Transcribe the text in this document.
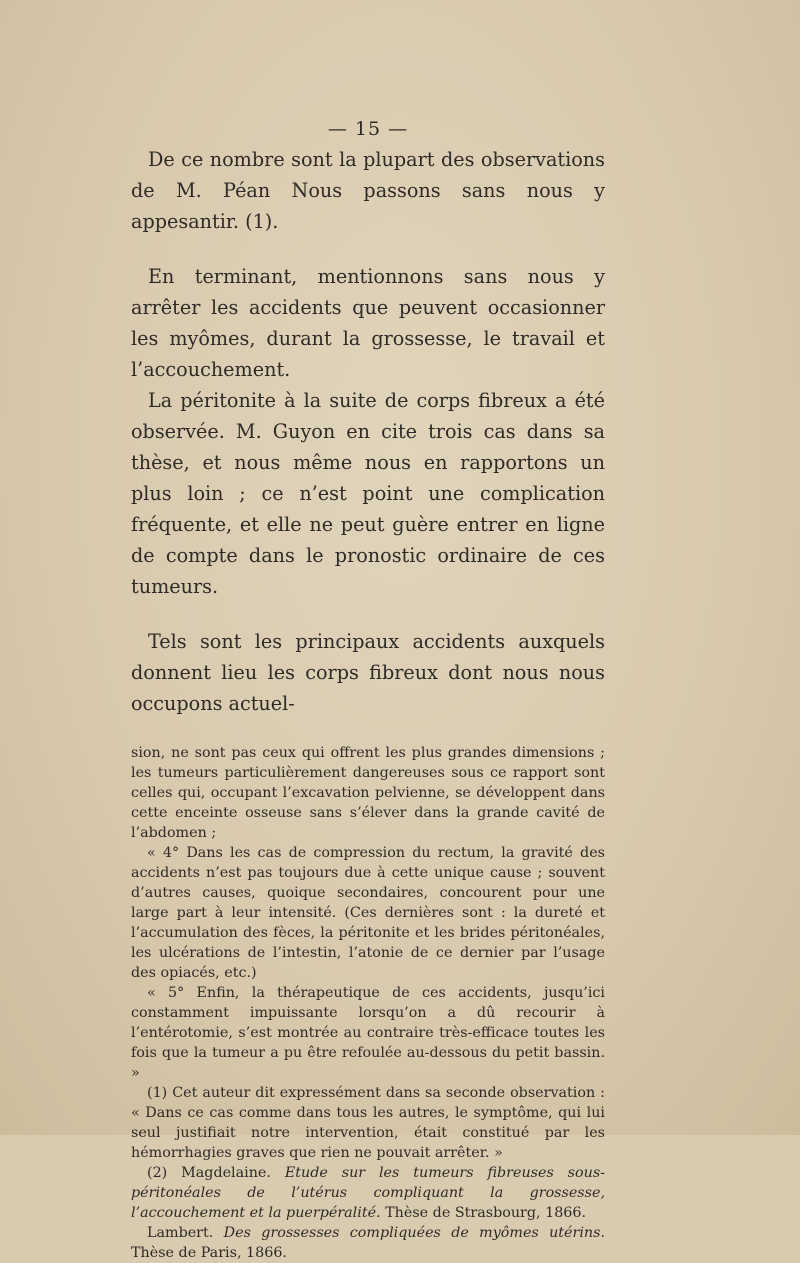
— 15 —

De ce nombre sont la plupart des observations de M. Péan Nous passons sans nous y appesantir. (1).

En terminant, mentionnons sans nous y arrêter les accidents que peuvent occasionner les myômes, durant la grossesse, le travail et l’accouchement.

La péritonite à la suite de corps fibreux a été observée. M. Guyon en cite trois cas dans sa thèse, et nous même nous en rapportons un plus loin ; ce n’est point une complication fréquente, et elle ne peut guère entrer en ligne de compte dans le pronostic ordinaire de ces tumeurs.

Tels sont les principaux accidents auxquels donnent lieu les corps fibreux dont nous nous occupons actuel-

sion, ne sont pas ceux qui offrent les plus grandes dimensions ; les tumeurs particulièrement dangereuses sous ce rapport sont celles qui, occupant l’excavation pelvienne, se développent dans cette enceinte osseuse sans s’élever dans la grande cavité de l’abdomen ;

« 4° Dans les cas de compression du rectum, la gravité des accidents n’est pas toujours due à cette unique cause ; souvent d’autres causes, quoique secondaires, concourent pour une large part à leur intensité. (Ces dernières sont : la dureté et l’accumulation des fèces, la péritonite et les brides péritonéales, les ulcérations de l’intestin, l’atonie de ce dernier par l’usage des opiacés, etc.)

« 5° Enfin, la thérapeutique de ces accidents, jusqu’ici constamment impuissante lorsqu’on a dû recourir à l’entérotomie, s’est montrée au contraire très-efficace toutes les fois que la tumeur a pu être refoulée au-dessous du petit bassin. »

(1) Cet auteur dit expressément dans sa seconde observation : « Dans ce cas comme dans tous les autres, le symptôme, qui lui seul justifiait notre intervention, était constitué par les hémorrhagies graves que rien ne pouvait arrêter. »

(2) Magdelaine. Etude sur les tumeurs fibreuses sous-péritonéales de l’utérus compliquant la grossesse, l’accouchement et la puerpéralité. Thèse de Strasbourg, 1866.

Lambert. Des grossesses compliquées de myômes utérins. Thèse de Paris, 1866.
